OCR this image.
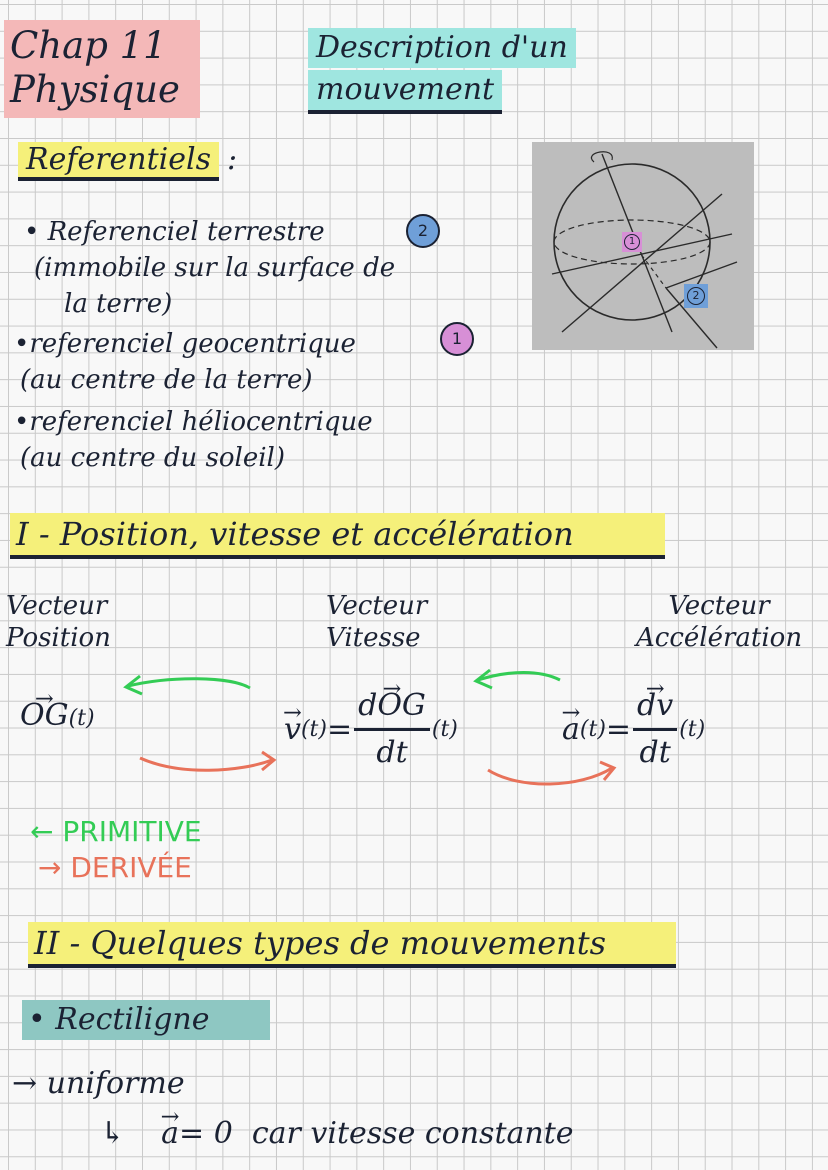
Chap 11
Physique
Description d'un
mouvement
Referentiels :
• Referenciel terrestre
(immobile sur la surface de
la terre)
2
•referenciel geocentrique
(au centre de la terre)
1
•referenciel héliocentrique
(au centre du soleil)
1
2
I - Position, vitesse et accélération
Vecteur
Position
Vecteur
Vitesse
Vecteur
Accélération
→ OG(t)	→ v (t) = → $\frac{\text{dOG}}{dt} (t)$	→ a (t) = → $\frac{dv}{dt} (t)$
← PRIMITIVE
→ DERIVÉE
II - Quelques types de mouvements
• Rectiligne
→ uniforme
↳ → a= 0  car vitesse constante
